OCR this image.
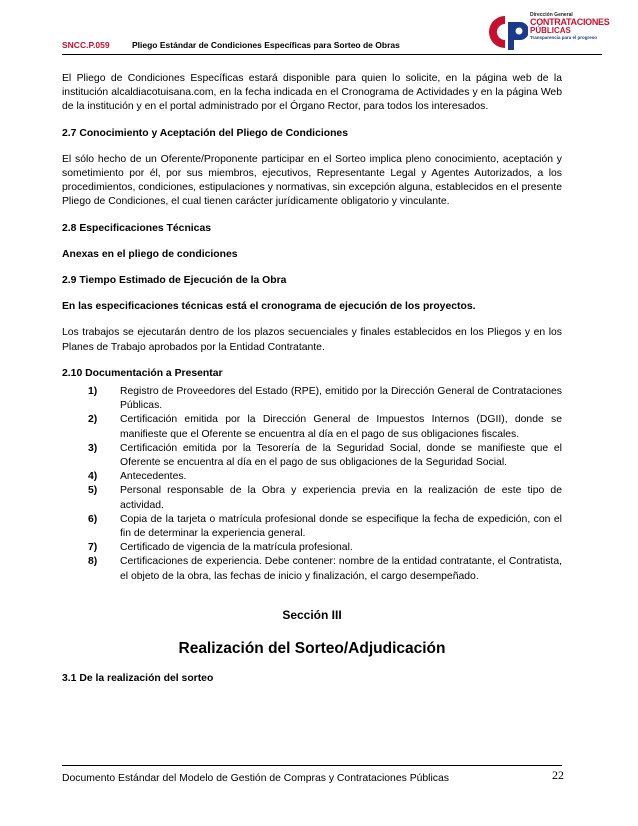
SNCC.P.059	Pliego Estándar de Condiciones Específicas para Sorteo de Obras
Dirección General
CONTRATACIONES
PÚBLICAS
Transparencia para el progreso

El Pliego de Condiciones Específicas estará disponible para quien lo solicite, en la página web de la institución alcaldiacotuisana.com, en la fecha indicada en el Cronograma de Actividades y en la página Web de la institución y en el portal administrado por el Órgano Rector, para todos los interesados.

2.7 Conocimiento y Aceptación del Pliego de Condiciones

El sólo hecho de un Oferente/Proponente participar en el Sorteo implica pleno conocimiento, aceptación y sometimiento por él, por sus miembros, ejecutivos, Representante Legal y Agentes Autorizados, a los procedimientos, condiciones, estipulaciones y normativas, sin excepción alguna, establecidos en el presente Pliego de Condiciones, el cual tienen carácter jurídicamente obligatorio y vinculante.

2.8 Especificaciones Técnicas

Anexas en el pliego de condiciones

2.9 Tiempo Estimado de Ejecución de la Obra

En las especificaciones técnicas está el cronograma de ejecución de los proyectos.

Los trabajos se ejecutarán dentro de los plazos secuenciales y finales establecidos en los Pliegos y en los Planes de Trabajo aprobados por la Entidad Contratante.

2.10 Documentación a Presentar

1) Registro de Proveedores del Estado (RPE), emitido por la Dirección General de Contrataciones Públicas.
2) Certificación emitida por la Dirección General de Impuestos Internos (DGII), donde se manifieste que el Oferente se encuentra al día en el pago de sus obligaciones fiscales.
3) Certificación emitida por la Tesorería de la Seguridad Social, donde se manifieste que el Oferente se encuentra al día en el pago de sus obligaciones de la Seguridad Social.
4) Antecedentes.
5) Personal responsable de la Obra y experiencia previa en la realización de este tipo de actividad.
6) Copia de la tarjeta o matrícula profesional donde se especifique la fecha de expedición, con el fin de determinar la experiencia general.
7) Certificado de vigencia de la matrícula profesional.
8) Certificaciones de experiencia. Debe contener: nombre de la entidad contratante, el Contratista, el objeto de la obra, las fechas de inicio y finalización, el cargo desempeñado.
Sección III
Realización del Sorteo/Adjudicación

3.1 De la realización del sorteo

Documento Estándar del Modelo de Gestión de Compras y Contrataciones Públicas	22
